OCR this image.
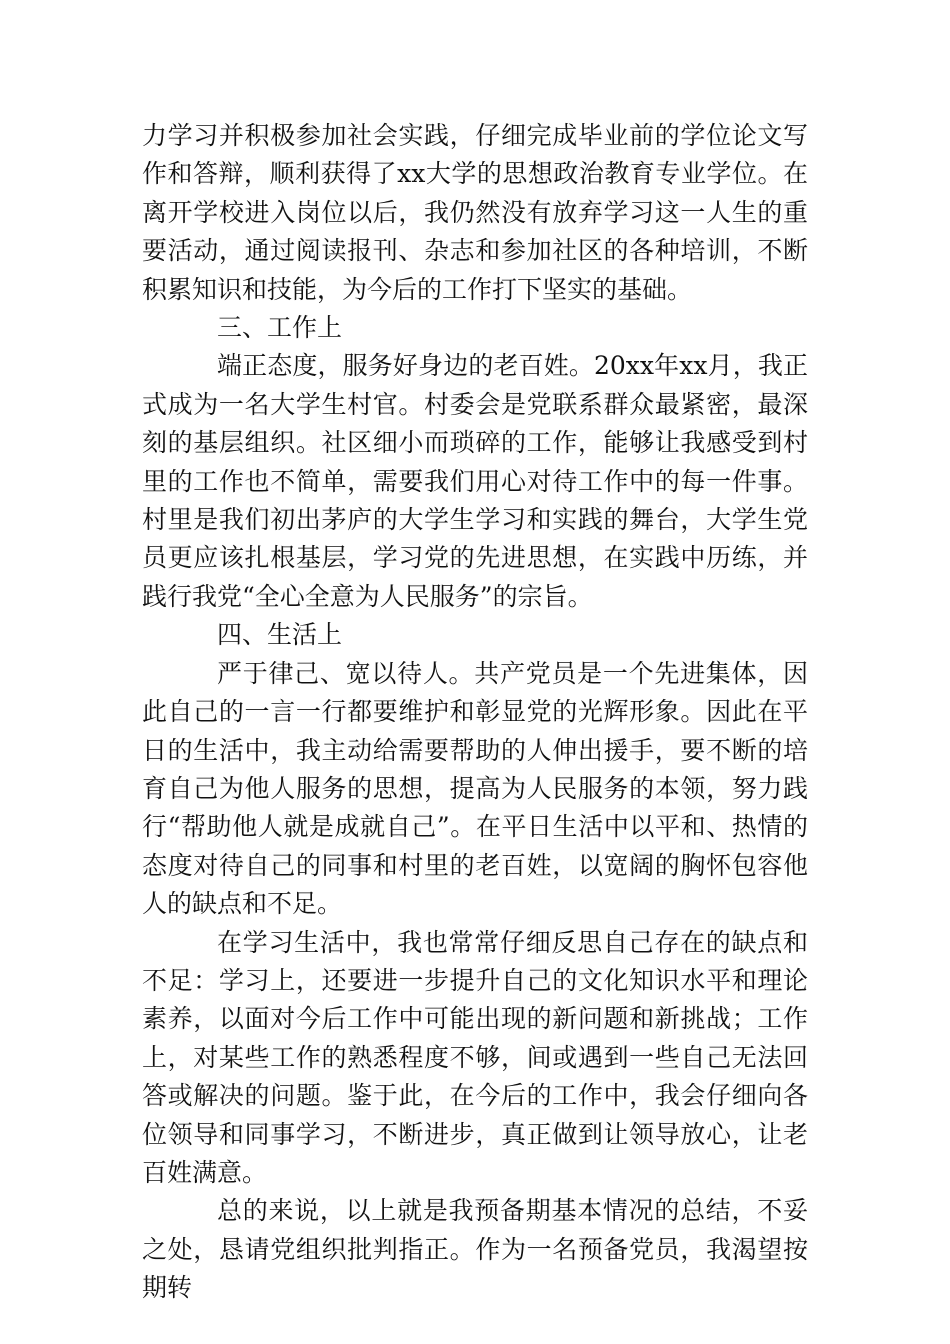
力学习并积极参加社会实践，仔细完成毕业前的学位论文写作和答辩，顺利获得了xx大学的思想政治教育专业学位。在离开学校进入岗位以后，我仍然没有放弃学习这一人生的重要活动，通过阅读报刊、杂志和参加社区的各种培训，不断积累知识和技能，为今后的工作打下坚实的基础。

三、工作上

端正态度，服务好身边的老百姓。20xx年xx月，我正式成为一名大学生村官。村委会是党联系群众最紧密，最深刻的基层组织。社区细小而琐碎的工作，能够让我感受到村里的工作也不简单，需要我们用心对待工作中的每一件事。村里是我们初出茅庐的大学生学习和实践的舞台，大学生党员更应该扎根基层，学习党的先进思想，在实践中历练，并践行我党“全心全意为人民服务”的宗旨。

四、生活上

严于律己、宽以待人。共产党员是一个先进集体，因此自己的一言一行都要维护和彰显党的光辉形象。因此在平日的生活中，我主动给需要帮助的人伸出援手，要不断的培育自己为他人服务的思想，提高为人民服务的本领，努力践行“帮助他人就是成就自己”。在平日生活中以平和、热情的态度对待自己的同事和村里的老百姓，以宽阔的胸怀包容他人的缺点和不足。

在学习生活中，我也常常仔细反思自己存在的缺点和不足：学习上，还要进一步提升自己的文化知识水平和理论素养，以面对今后工作中可能出现的新问题和新挑战；工作上，对某些工作的熟悉程度不够，间或遇到一些自己无法回答或解决的问题。鉴于此，在今后的工作中，我会仔细向各位领导和同事学习，不断进步，真正做到让领导放心，让老百姓满意。

总的来说，以上就是我预备期基本情况的总结，不妥之处，恳请党组织批判指正。作为一名预备党员，我渴望按期转
